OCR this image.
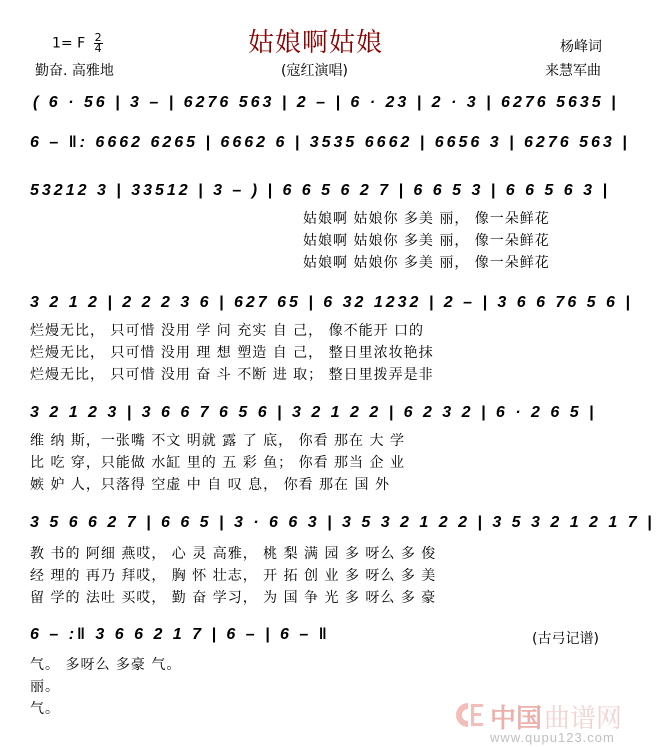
1= F $\frac{2}{4}$
勤奋. 高雅地
姑娘啊姑娘
(寇红演唱)
杨峰词
来慧军曲
( 6 · 56 | 3 – | 6276 563 | 2 – | 6 · 23 | 2 · 3 | 6276 5635 |
6 – ‖: 6662 6265 | 6662 6 | 3535 6662 | 6656 3 | 6276 563 |
53212 3 | 33512 | 3 – ) | 6 6 5 6 2 7 | 6 6 5 3 | 6 6 5 6 3 |
姑娘啊 姑娘你 多美 丽， 像一朵鲜花
姑娘啊 姑娘你 多美 丽， 像一朵鲜花
姑娘啊 姑娘你 多美 丽， 像一朵鲜花
3 2 1 2 | 2 2 2 3 6 | 627 65 | 6 32 1232 | 2 – | 3 6 6 76 5 6 |
烂熳无比， 只可惜 没用 学 问 充实 自 己， 像不能开 口的
烂熳无比， 只可惜 没用 理 想 塑造 自 己， 整日里浓妆艳抹
烂熳无比， 只可惜 没用 奋 斗 不断 进 取； 整日里拨弄是非
3 2 1 2 3 | 3 6 6 7 6 5 6 | 3 2 1 2 2 | 6 2 3 2 | 6 · 2 6 5 |
维 纳 斯，一张嘴 不文 明就 露 了 底， 你看 那在 大 学
比 吃 穿，只能做 水缸 里的 五 彩 鱼； 你看 那当 企 业
嫉 妒 人，只落得 空虚 中 自 叹 息， 你看 那在 国 外
3 5 6 6 2 7 | 6 6 5 | 3 · 6 6 3 | 3 5 3 2 1 2 2 | 3 5 3 2 1 2 1 7 |
教 书的 阿细 燕哎， 心 灵 高雅， 桃 梨 满 园 多 呀么 多 俊
经 理的 再乃 拜哎， 胸 怀 壮志， 开 拓 创 业 多 呀么 多 美
留 学的 法吐 买哎， 勤 奋 学习， 为 国 争 光 多 呀么 多 豪
6 – :‖ 3 6 6 2 1 7 | 6 – | 6 – ‖
气。 多呀么 多豪 气。
丽。
气。
(古弓记谱)
中国 曲谱网
www.qupu123.com
